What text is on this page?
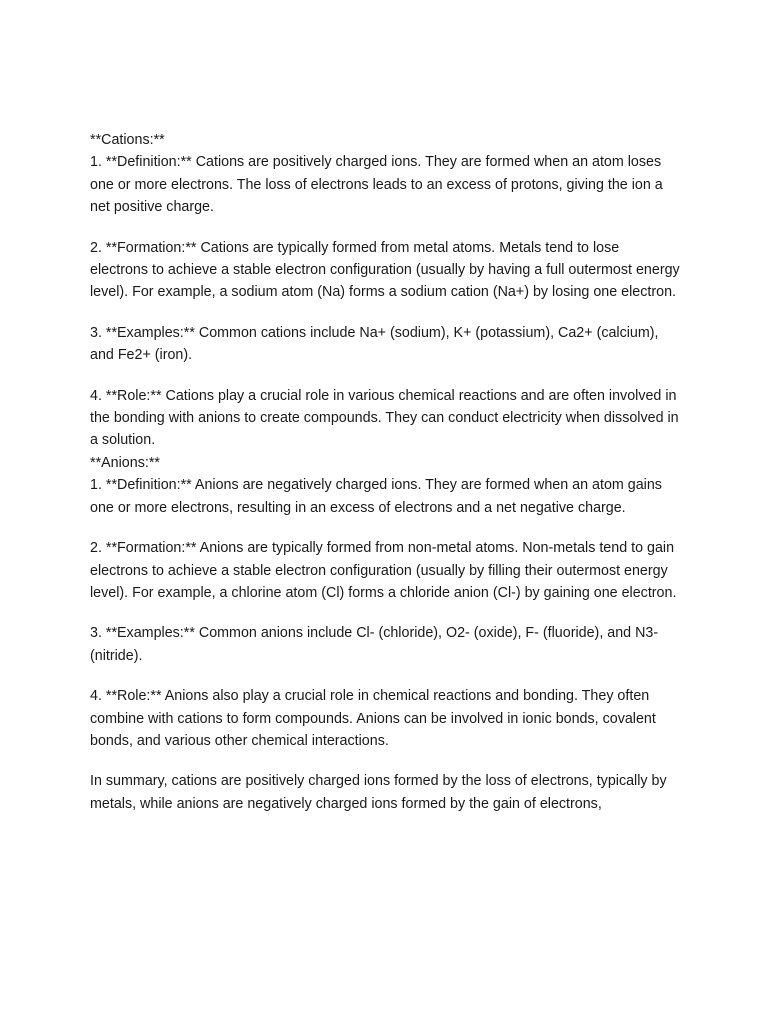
**Cations:**

1. **Definition:** Cations are positively charged ions. They are formed when an atom loses one or more electrons. The loss of electrons leads to an excess of protons, giving the ion a net positive charge.

2. **Formation:** Cations are typically formed from metal atoms. Metals tend to lose electrons to achieve a stable electron configuration (usually by having a full outermost energy level). For example, a sodium atom (Na) forms a sodium cation (Na+) by losing one electron.

3. **Examples:** Common cations include Na+ (sodium), K+ (potassium), Ca2+ (calcium), and Fe2+ (iron).

4. **Role:** Cations play a crucial role in various chemical reactions and are often involved in the bonding with anions to create compounds. They can conduct electricity when dissolved in a solution.

**Anions:**

1. **Definition:** Anions are negatively charged ions. They are formed when an atom gains one or more electrons, resulting in an excess of electrons and a net negative charge.

2. **Formation:** Anions are typically formed from non-metal atoms. Non-metals tend to gain electrons to achieve a stable electron configuration (usually by filling their outermost energy level). For example, a chlorine atom (Cl) forms a chloride anion (Cl-) by gaining one electron.

3. **Examples:** Common anions include Cl- (chloride), O2- (oxide), F- (fluoride), and N3- (nitride).

4. **Role:** Anions also play a crucial role in chemical reactions and bonding. They often combine with cations to form compounds. Anions can be involved in ionic bonds, covalent bonds, and various other chemical interactions.

In summary, cations are positively charged ions formed by the loss of electrons, typically by metals, while anions are negatively charged ions formed by the gain of electrons,
